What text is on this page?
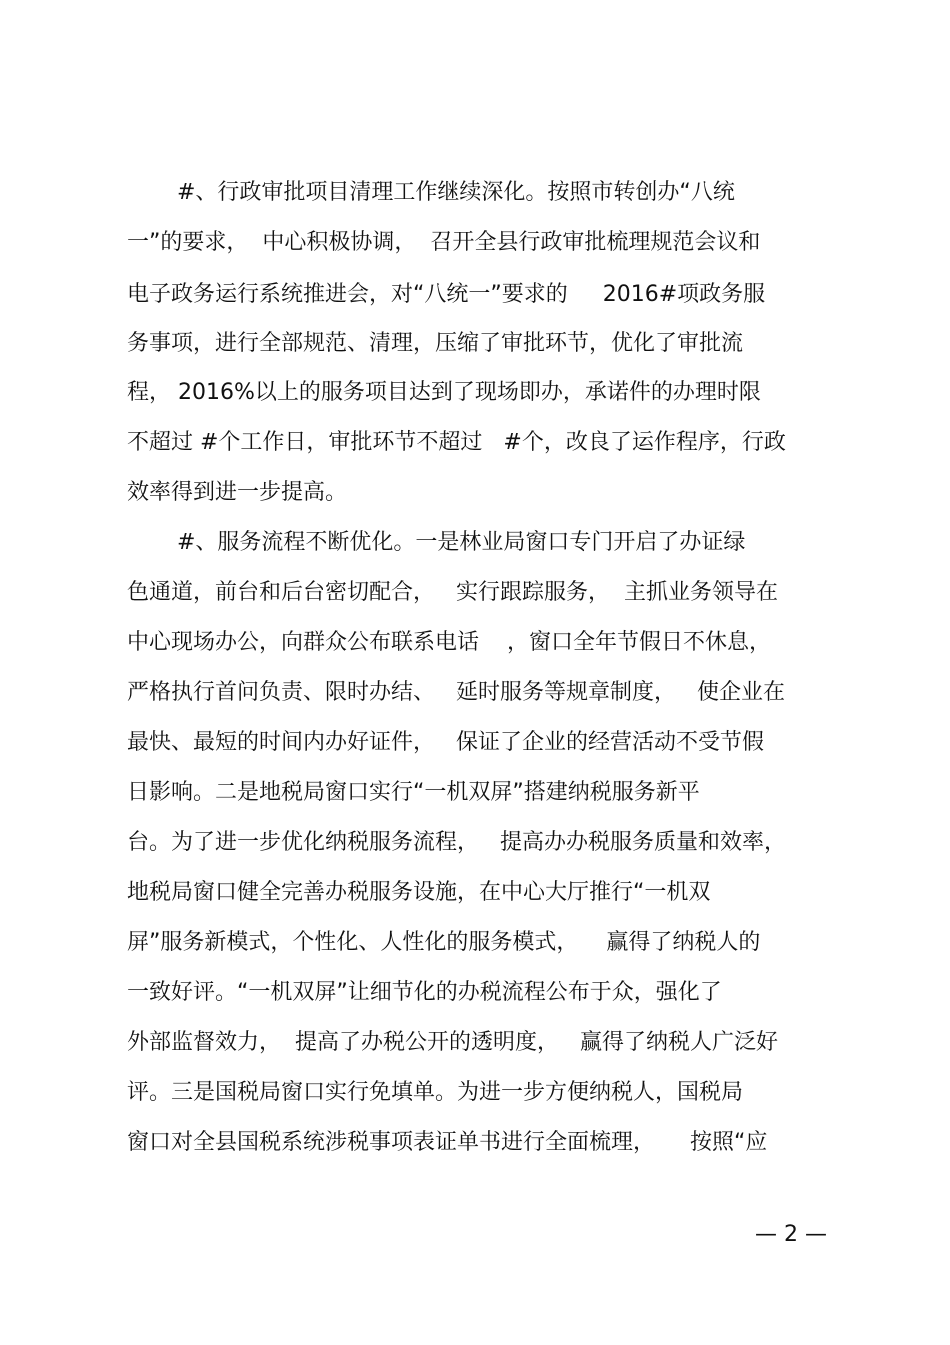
#、行政审批项目清理工作继续深化。按照市转创办“八统
一”的要求，  中心积极协调，  召开全县行政审批梳理规范会议和
电子政务运行系统推进会，对“八统一”要求的     2016#项政务服
务事项，进行全部规范、清理，压缩了审批环节，优化了审批流
程， 2016%以上的服务项目达到了现场即办，承诺件的办理时限
不超过 #个工作日，审批环节不超过   #个，改良了运作程序，行政
效率得到进一步提高。
#、服务流程不断优化。一是林业局窗口专门开启了办证绿
色通道，前台和后台密切配合，   实行跟踪服务，  主抓业务领导在
中心现场办公，向群众公布联系电话    ，窗口全年节假日不休息，
严格执行首问负责、限时办结、   延时服务等规章制度，   使企业在
最快、最短的时间内办好证件，   保证了企业的经营活动不受节假
日影响。二是地税局窗口实行“一机双屏”搭建纳税服务新平
台。为了进一步优化纳税服务流程，   提高办办税服务质量和效率，
地税局窗口健全完善办税服务设施，在中心大厅推行“一机双
屏”服务新模式，个性化、人性化的服务模式，    赢得了纳税人的
一致好评。“一机双屏”让细节化的办税流程公布于众，强化了
外部监督效力，  提高了办税公开的透明度，   赢得了纳税人广泛好
评。三是国税局窗口实行免填单。为进一步方便纳税人，国税局
窗口对全县国税系统涉税事项表证单书进行全面梳理，     按照“应
— 2 —
